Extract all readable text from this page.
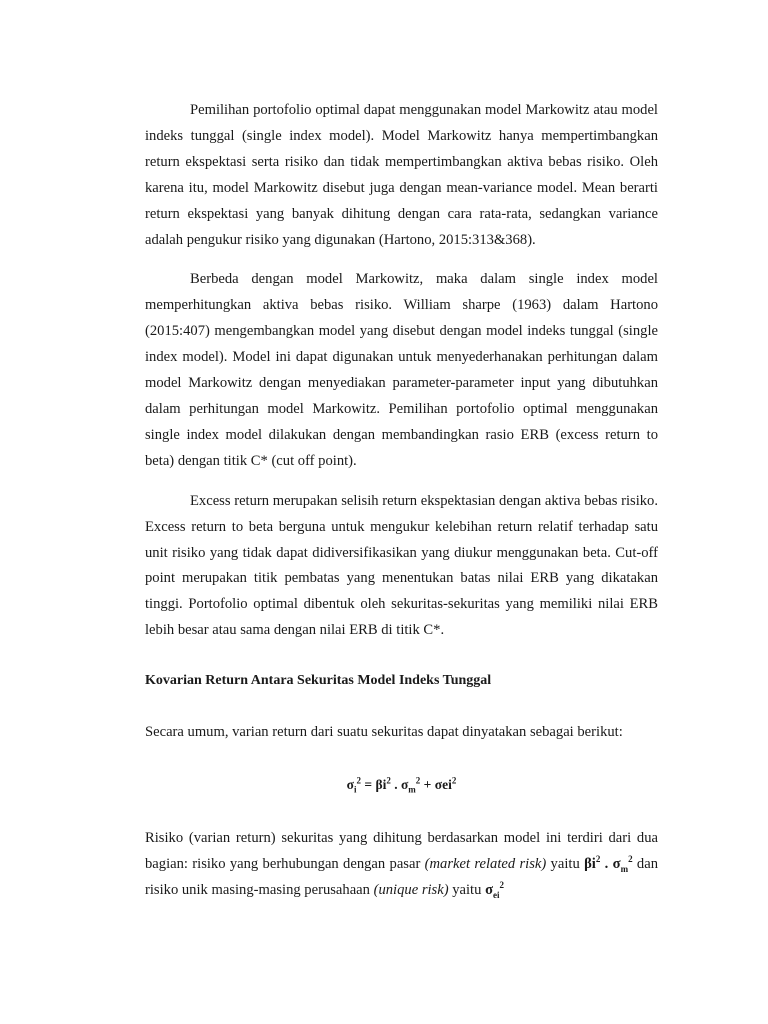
Pemilihan portofolio optimal dapat menggunakan model Markowitz atau model indeks tunggal (single index model). Model Markowitz hanya mempertimbangkan return ekspektasi serta risiko dan tidak mempertimbangkan aktiva bebas risiko. Oleh karena itu, model Markowitz disebut juga dengan mean-variance model. Mean berarti return ekspektasi yang banyak dihitung dengan cara rata-rata, sedangkan variance adalah pengukur risiko yang digunakan (Hartono, 2015:313&368).

Berbeda dengan model Markowitz, maka dalam single index model memperhitungkan aktiva bebas risiko. William sharpe (1963) dalam Hartono (2015:407) mengembangkan model yang disebut dengan model indeks tunggal (single index model). Model ini dapat digunakan untuk menyederhanakan perhitungan dalam model Markowitz dengan menyediakan parameter-parameter input yang dibutuhkan dalam perhitungan model Markowitz. Pemilihan portofolio optimal menggunakan single index model dilakukan dengan membandingkan rasio ERB (excess return to beta) dengan titik C* (cut off point).

Excess return merupakan selisih return ekspektasian dengan aktiva bebas risiko. Excess return to beta berguna untuk mengukur kelebihan return relatif terhadap satu unit risiko yang tidak dapat didiversifikasikan yang diukur menggunakan beta. Cut-off point merupakan titik pembatas yang menentukan batas nilai ERB yang dikatakan tinggi. Portofolio optimal dibentuk oleh sekuritas-sekuritas yang memiliki nilai ERB lebih besar atau sama dengan nilai ERB di titik C*.

Kovarian Return Antara Sekuritas Model Indeks Tunggal

Secara umum, varian return dari suatu sekuritas dapat dinyatakan sebagai berikut:

$\sigma_i^2 = \beta i^2$ . $\sigma_m^2 + \sigma ei^2$

Risiko (varian return) sekuritas yang dihitung berdasarkan model ini terdiri dari dua bagian: risiko yang berhubungan dengan pasar (market related risk) yaitu $\beta i^2$ . $\sigma_m^2$ dan risiko unik masing-masing perusahaan (unique risk) yaitu $\sigma_{ei}^2$
